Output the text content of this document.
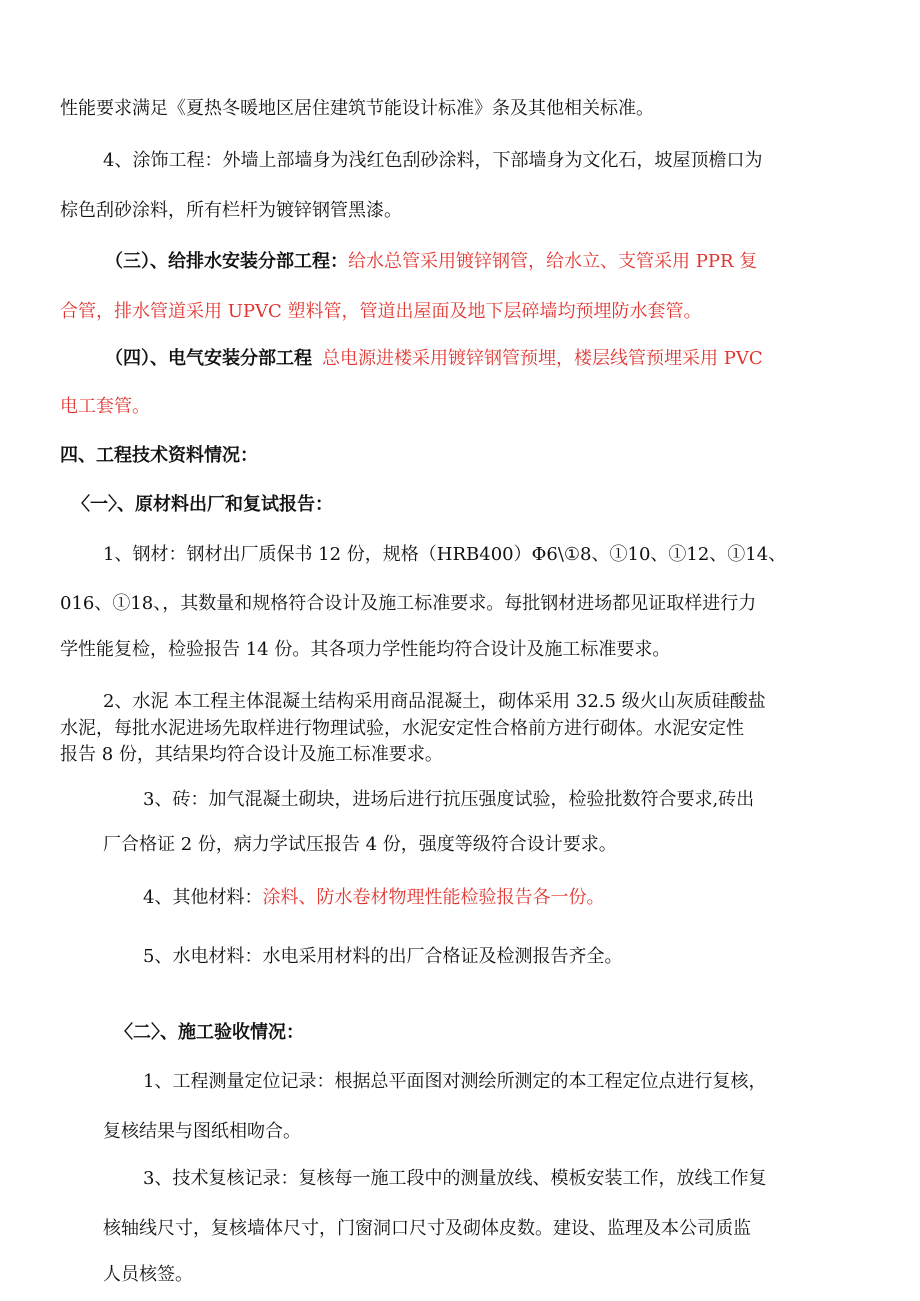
性能要求满足《夏热冬暖地区居住建筑节能设计标准》条及其他相关标准。
4、涂饰工程：外墙上部墙身为浅红色刮砂涂料，下部墙身为文化石，坡屋顶檐口为
棕色刮砂涂料，所有栏杆为镀锌钢管黑漆。
（三）、给排水安装分部工程：给水总管采用镀锌钢管，给水立、支管采用 PPR 复
合管，排水管道采用 UPVC 塑料管，管道出屋面及地下层碎墙均预埋防水套管。
（四）、电气安装分部工程 总电源进楼采用镀锌钢管预埋，楼层线管预埋采用 PVC
电工套管。
四、工程技术资料情况：
〈一〉、原材料出厂和复试报告：
1、钢材：钢材出厂质保书 12 份，规格（HRB400）Φ6\①8、①10、①12、①14、
016、①18、，其数量和规格符合设计及施工标准要求。每批钢材进场都见证取样进行力
学性能复检，检验报告 14 份。其各项力学性能均符合设计及施工标准要求。
2、水泥 本工程主体混凝土结构采用商品混凝土，砌体采用 32.5 级火山灰质硅酸盐
水泥，每批水泥进场先取样进行物理试验，水泥安定性合格前方进行砌体。水泥安定性
报告 8 份，其结果均符合设计及施工标准要求。
3、砖：加气混凝土砌块，进场后进行抗压强度试验，检验批数符合要求,砖出
厂合格证 2 份，病力学试压报告 4 份，强度等级符合设计要求。
4、其他材料：涂料、防水卷材物理性能检验报告各一份。
5、水电材料：水电采用材料的出厂合格证及检测报告齐全。
〈二〉、施工验收情况：
1、工程测量定位记录：根据总平面图对测绘所测定的本工程定位点进行复核，
复核结果与图纸相吻合。
3、技术复核记录：复核每一施工段中的测量放线、模板安装工作，放线工作复
核轴线尺寸，复核墙体尺寸，门窗洞口尺寸及砌体皮数。建设、监理及本公司质监
人员核签。
